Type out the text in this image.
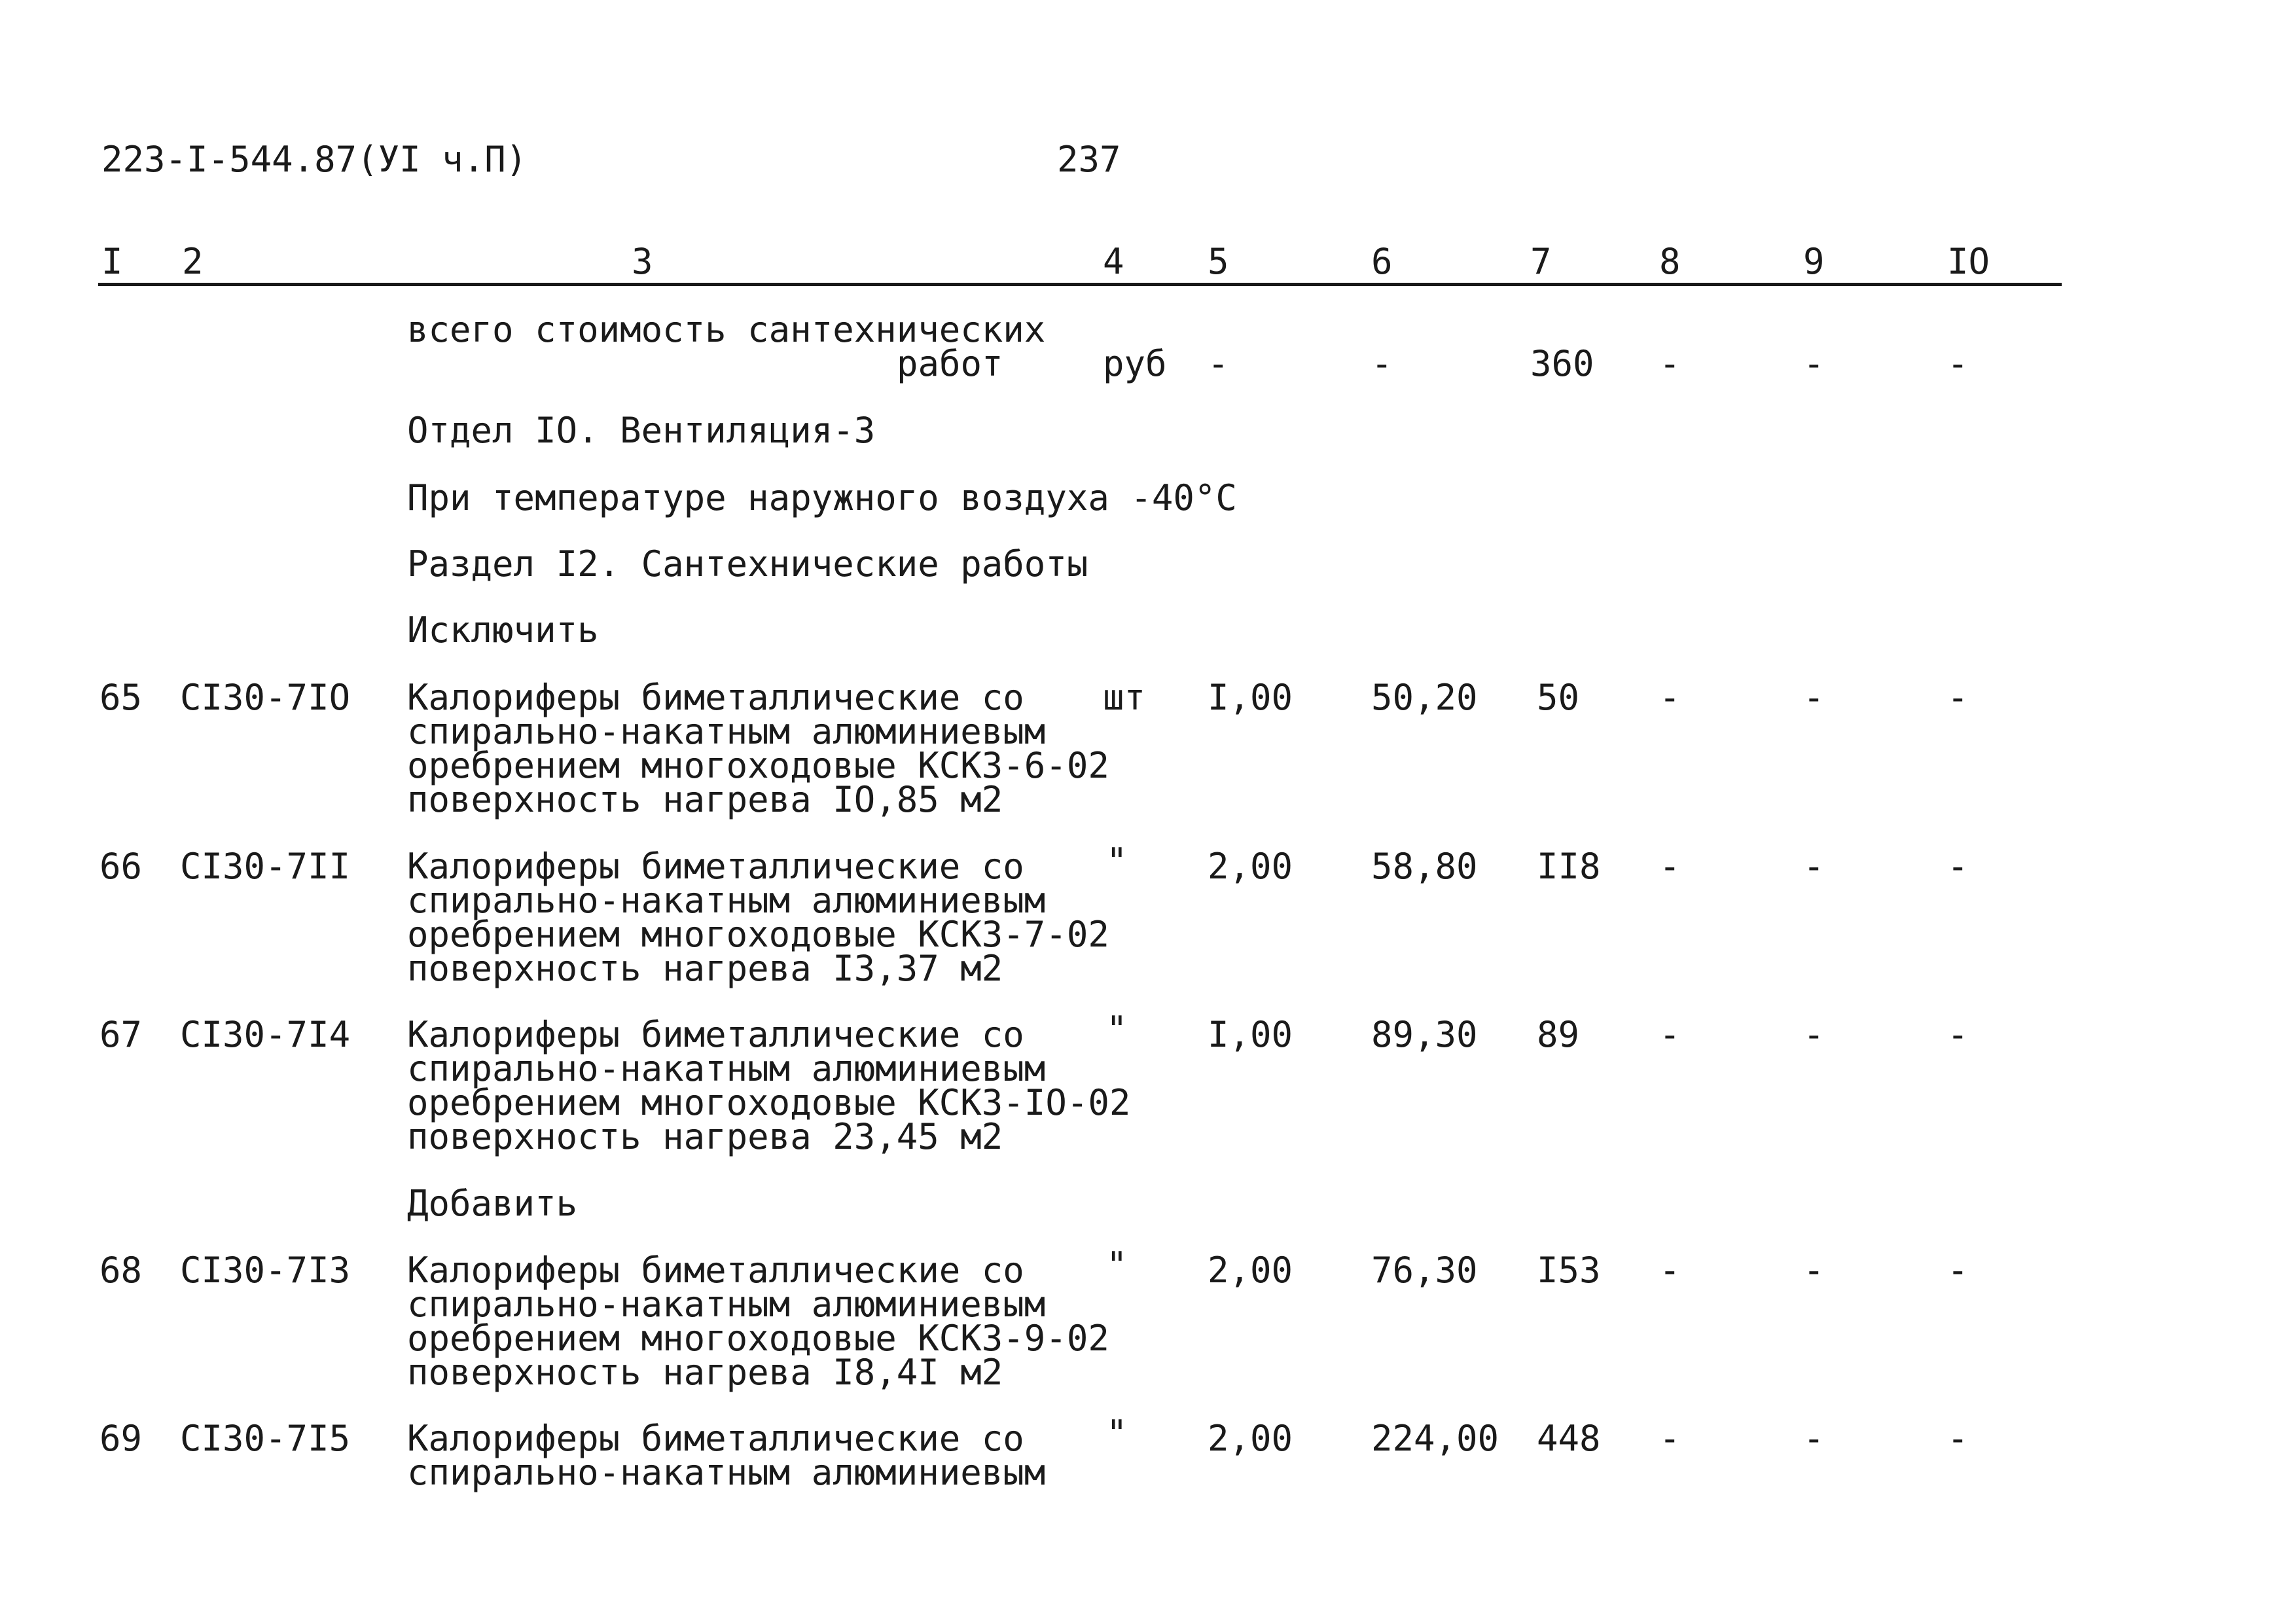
223-I-544.87(УI ч.П)	237
I 2	3	4 5	6	7	8	9	IO
всего стоимость сантехнических
работ	руб -	-	360 -	-	-
Отдел IO. Вентиляция-3
При температуре наружного воздуха -40°С
Раздел I2. Сантехнические работы
Исключить
65 СI30-7IO Калориферы биметаллические со
спирально-накатным алюминиевым
оребрением многоходовые КСКЗ-6-02
поверхность нагрева IO,85 м2
шт I,00 50,20 50 -	-	-
66 СI30-7II Калориферы биметаллические со
спирально-накатным алюминиевым
оребрением многоходовые КСКЗ-7-02
поверхность нагрева I3,37 м2
" 2,00 58,80 II8 -	-	-
67 СI30-7I4 Калориферы биметаллические со
спирально-накатным алюминиевым
оребрением многоходовые КСКЗ-IO-02
поверхность нагрева 23,45 м2
" I,00 89,30 89 -	-	-
Добавить
68 СI30-7I3 Калориферы биметаллические со
спирально-накатным алюминиевым
оребрением многоходовые КСКЗ-9-02
поверхность нагрева I8,4I м2
" 2,00 76,30 I53 -	-	-
69 СI30-7I5 Калориферы биметаллические со
спирально-накатным алюминиевым
" 2,00 224,00 448 -	-	-
